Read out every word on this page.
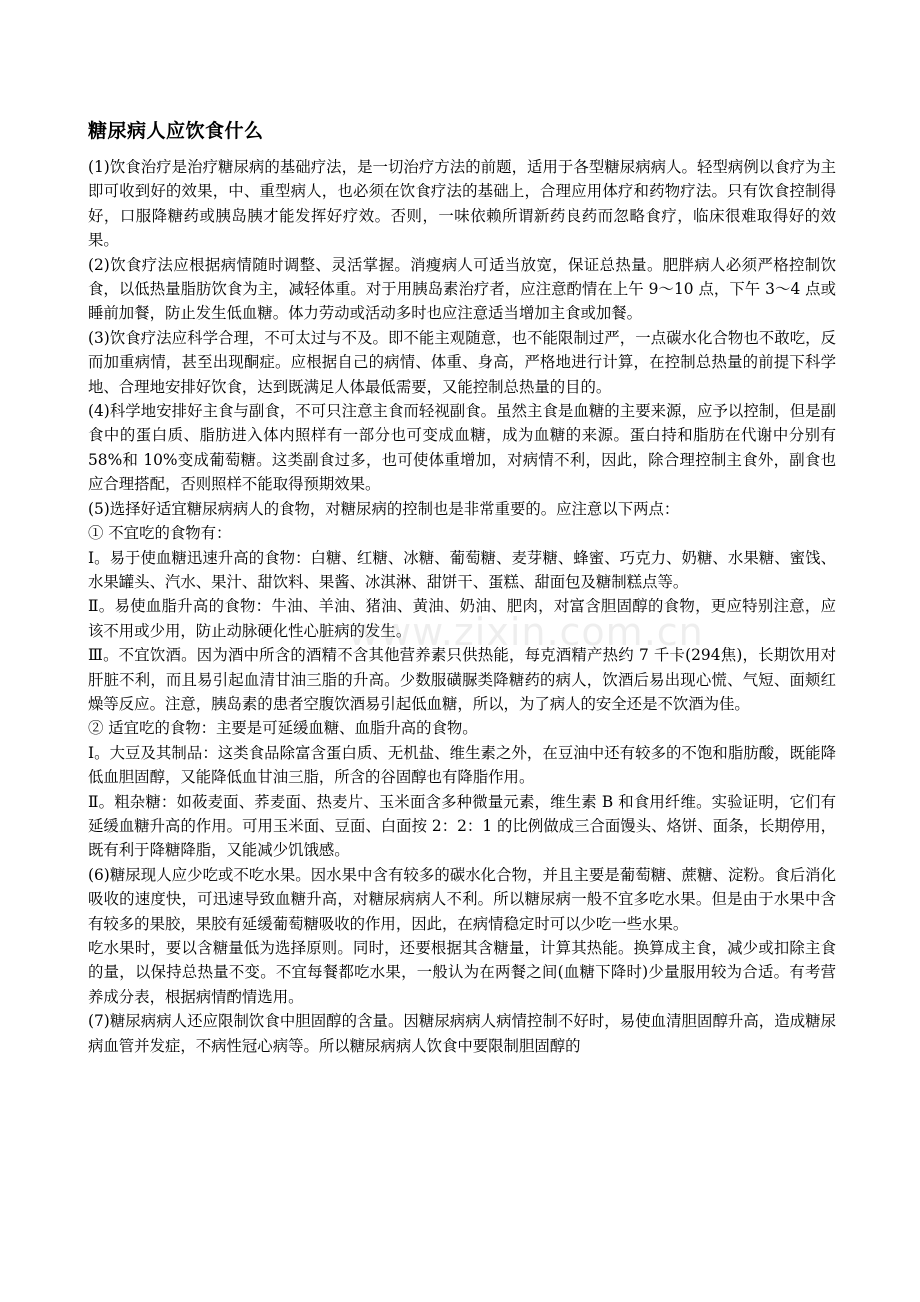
糖尿病人应饮食什么

(1)饮食治疗是治疗糖尿病的基础疗法，是一切治疗方法的前题，适用于各型糖尿病病人。轻型病例以食疗为主即可收到好的效果，中、重型病人，也必须在饮食疗法的基础上，合理应用体疗和药物疗法。只有饮食控制得好，口服降糖药或胰岛胰才能发挥好疗效。否则，一味依赖所谓新药良药而忽略食疗，临床很难取得好的效果。

(2)饮食疗法应根据病情随时调整、灵活掌握。消瘦病人可适当放宽，保证总热量。肥胖病人必须严格控制饮食，以低热量脂肪饮食为主，减轻体重。对于用胰岛素治疗者，应注意酌情在上午 9～10 点，下午 3～4 点或睡前加餐，防止发生低血糖。体力劳动或活动多时也应注意适当增加主食或加餐。

(3)饮食疗法应科学合理，不可太过与不及。即不能主观随意，也不能限制过严，一点碳水化合物也不敢吃，反而加重病情，甚至出现酮症。应根据自己的病情、体重、身高，严格地进行计算，在控制总热量的前提下科学地、合理地安排好饮食，达到既满足人体最低需要，又能控制总热量的目的。

(4)科学地安排好主食与副食，不可只注意主食而轻视副食。虽然主食是血糖的主要来源，应予以控制，但是副食中的蛋白质、脂肪进入体内照样有一部分也可变成血糖，成为血糖的来源。蛋白持和脂肪在代谢中分别有 58%和 10%变成葡萄糖。这类副食过多，也可使体重增加，对病情不利，因此，除合理控制主食外，副食也应合理搭配，否则照样不能取得预期效果。

(5)选择好适宜糖尿病病人的食物，对糖尿病的控制也是非常重要的。应注意以下两点：

① 不宜吃的食物有：

Ⅰ。易于使血糖迅速升高的食物：白糖、红糖、冰糖、葡萄糖、麦芽糖、蜂蜜、巧克力、奶糖、水果糖、蜜饯、水果罐头、汽水、果汁、甜饮料、果酱、冰淇淋、甜饼干、蛋糕、甜面包及糖制糕点等。

Ⅱ。易使血脂升高的食物：牛油、羊油、猪油、黄油、奶油、肥肉，对富含胆固醇的食物，更应特别注意，应该不用或少用，防止动脉硬化性心脏病的发生。

Ⅲ。不宜饮酒。因为酒中所含的酒精不含其他营养素只供热能，每克酒精产热约 7 千卡(294焦)，长期饮用对肝脏不利，而且易引起血清甘油三脂的升高。少数服磺脲类降糖药的病人，饮酒后易出现心慌、气短、面颊红燥等反应。注意，胰岛素的患者空腹饮酒易引起低血糖，所以，为了病人的安全还是不饮酒为佳。

② 适宜吃的食物：主要是可延缓血糖、血脂升高的食物。

Ⅰ。大豆及其制品：这类食品除富含蛋白质、无机盐、维生素之外，在豆油中还有较多的不饱和脂肪酸，既能降低血胆固醇，又能降低血甘油三脂，所含的谷固醇也有降脂作用。

Ⅱ。粗杂糖：如莜麦面、荞麦面、热麦片、玉米面含多种微量元素，维生素 B 和食用纤维。实验证明，它们有延缓血糖升高的作用。可用玉米面、豆面、白面按 2：2：1 的比例做成三合面馒头、烙饼、面条，长期停用，既有利于降糖降脂，又能减少饥饿感。

(6)糖尿现人应少吃或不吃水果。因水果中含有较多的碳水化合物，并且主要是葡萄糖、蔗糖、淀粉。食后消化吸收的速度快，可迅速导致血糖升高，对糖尿病病人不利。所以糖尿病一般不宜多吃水果。但是由于水果中含有较多的果胶，果胶有延缓葡萄糖吸收的作用，因此，在病情稳定时可以少吃一些水果。

吃水果时，要以含糖量低为选择原则。同时，还要根据其含糖量，计算其热能。换算成主食，减少或扣除主食的量，以保持总热量不变。不宜每餐都吃水果，一般认为在两餐之间(血糖下降时)少量服用较为合适。有考营养成分表，根据病情酌情选用。

(7)糖尿病病人还应限制饮食中胆固醇的含量。因糖尿病病人病情控制不好时，易使血清胆固醇升高，造成糖尿病血管并发症，不病性冠心病等。所以糖尿病病人饮食中要限制胆固醇的

www.zixin.com.cn
